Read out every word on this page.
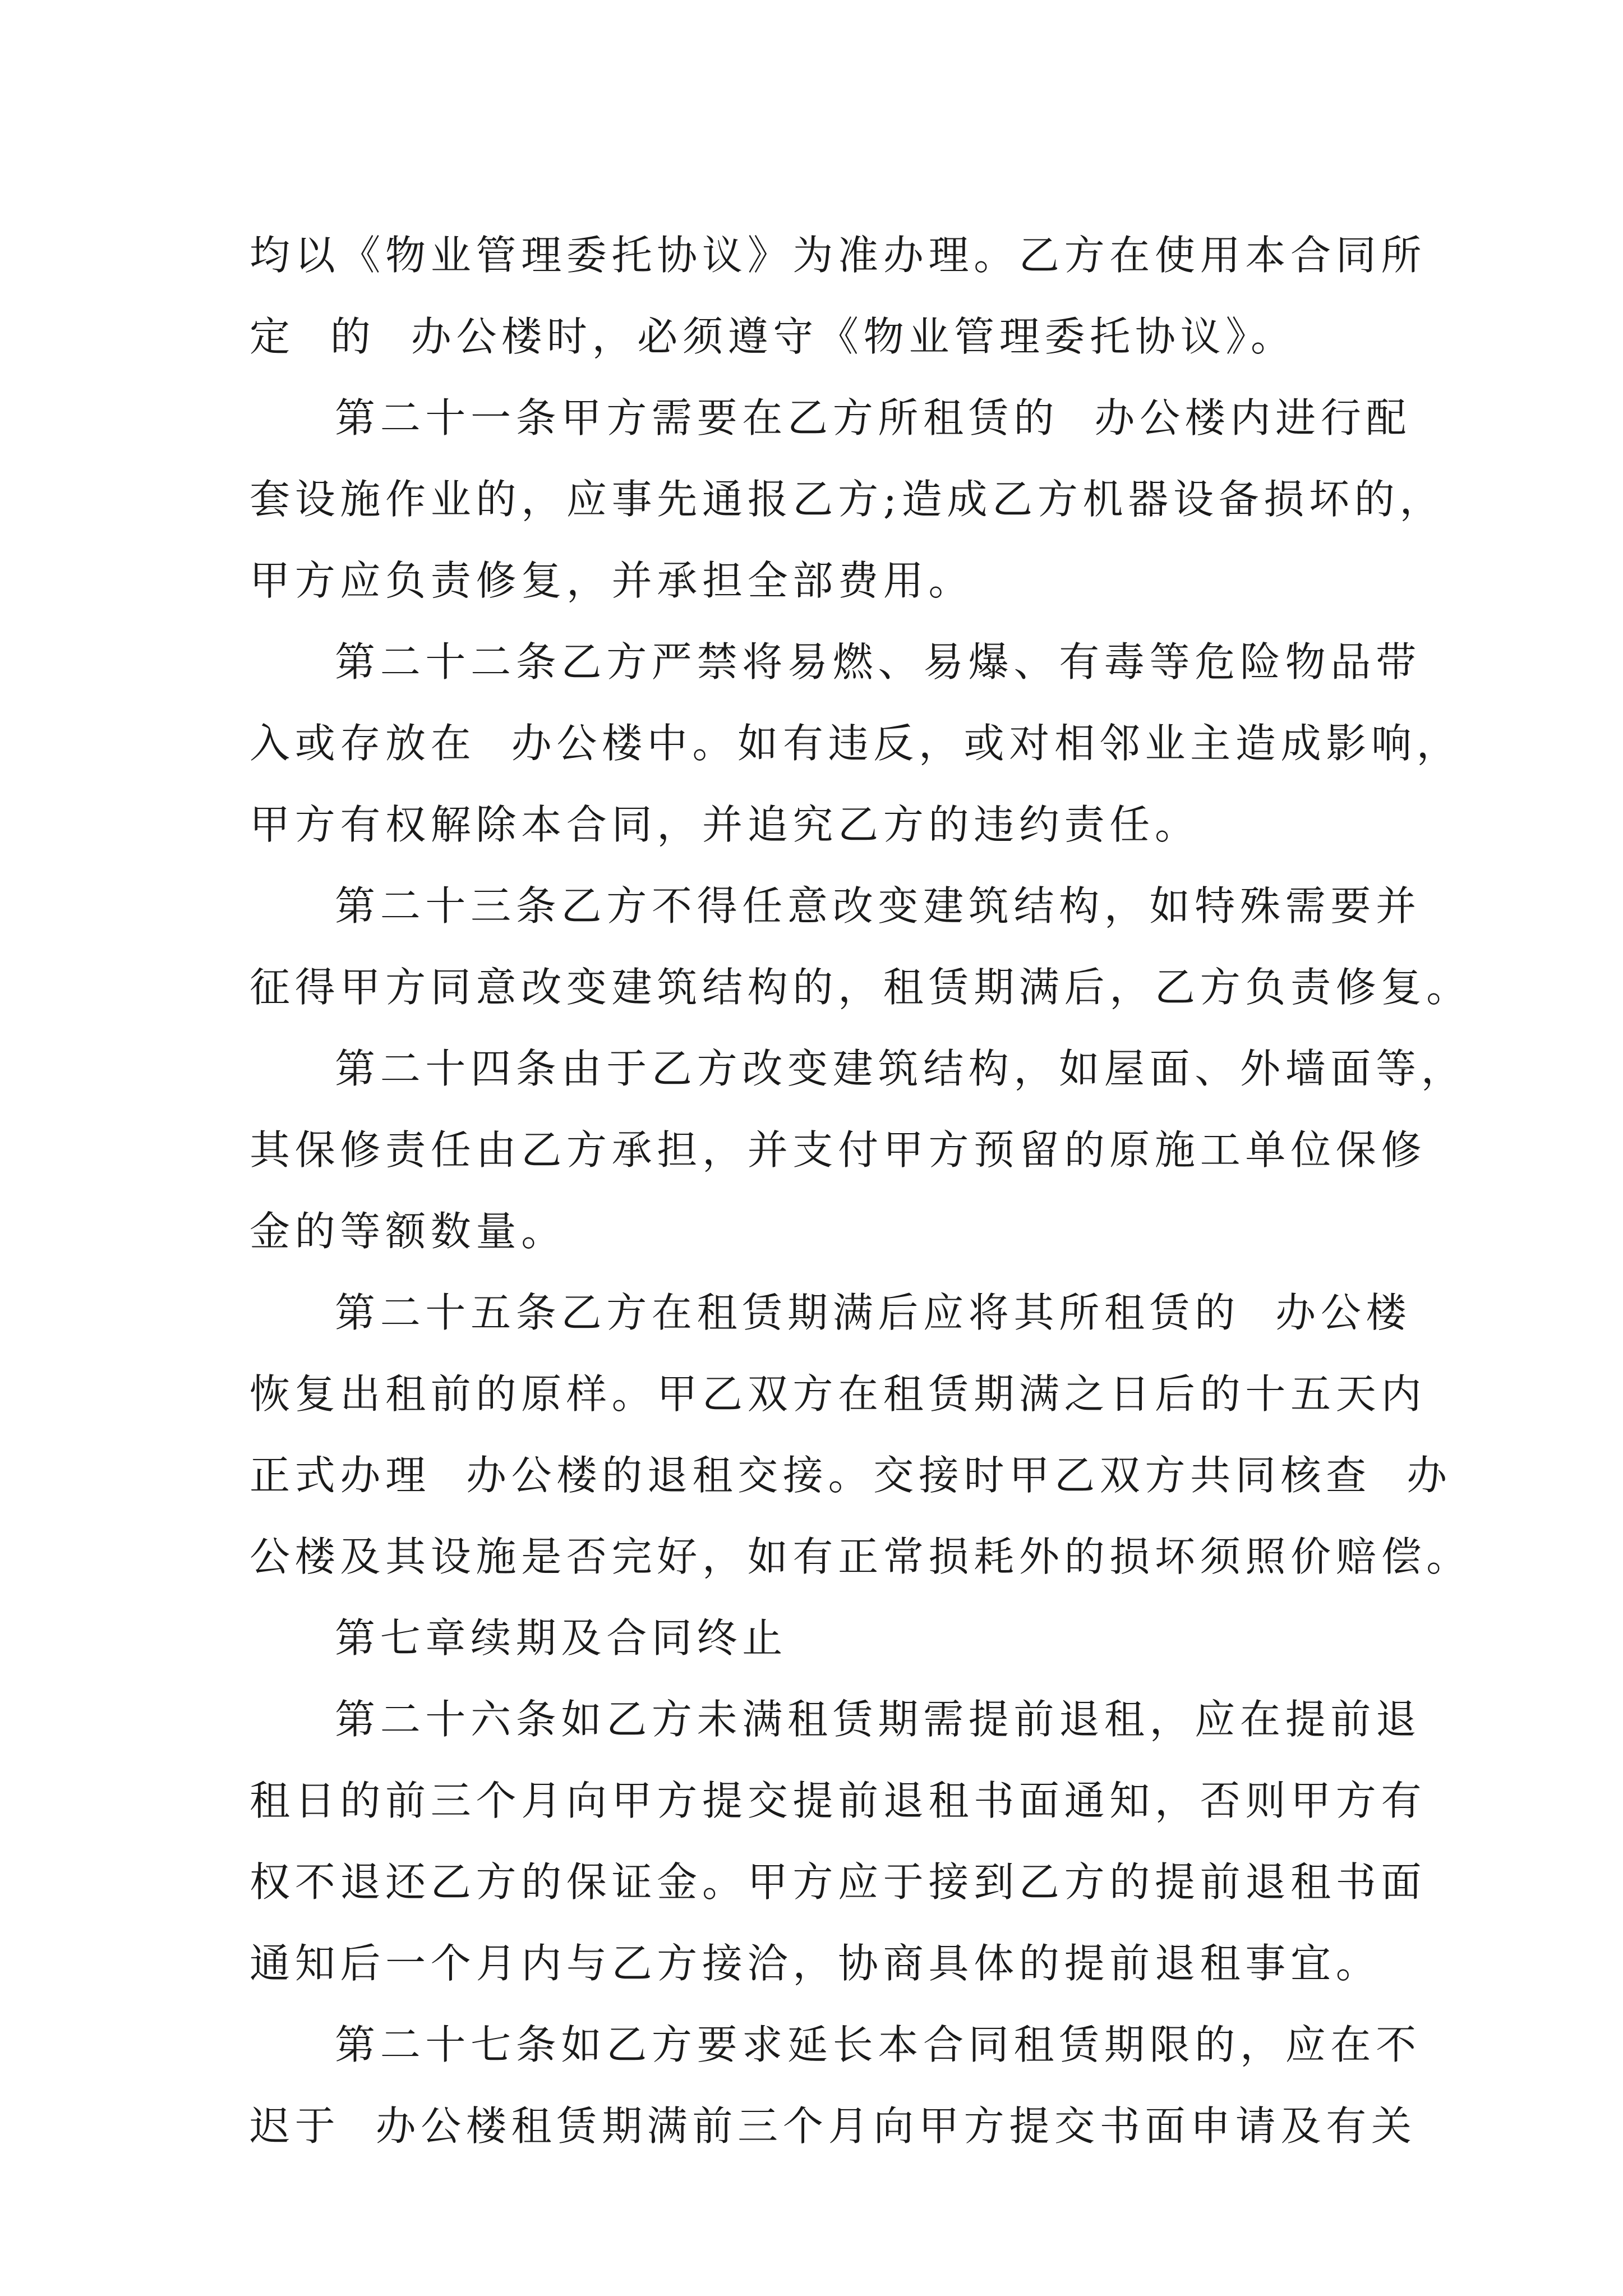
均以《物业管理委托协议》为准办理。乙方在使用本合同所
定  的  办公楼时，必须遵守《物业管理委托协议》。
第二十一条甲方需要在乙方所租赁的  办公楼内进行配
套设施作业的，应事先通报乙方;造成乙方机器设备损坏的，
甲方应负责修复，并承担全部费用。
第二十二条乙方严禁将易燃、易爆、有毒等危险物品带
入或存放在  办公楼中。如有违反，或对相邻业主造成影响，
甲方有权解除本合同，并追究乙方的违约责任。
第二十三条乙方不得任意改变建筑结构，如特殊需要并
征得甲方同意改变建筑结构的，租赁期满后，乙方负责修复。
第二十四条由于乙方改变建筑结构，如屋面、外墙面等，
其保修责任由乙方承担，并支付甲方预留的原施工单位保修
金的等额数量。
第二十五条乙方在租赁期满后应将其所租赁的  办公楼
恢复出租前的原样。甲乙双方在租赁期满之日后的十五天内
正式办理  办公楼的退租交接。交接时甲乙双方共同核查  办
公楼及其设施是否完好，如有正常损耗外的损坏须照价赔偿。
第七章续期及合同终止
第二十六条如乙方未满租赁期需提前退租，应在提前退
租日的前三个月向甲方提交提前退租书面通知，否则甲方有
权不退还乙方的保证金。甲方应于接到乙方的提前退租书面
通知后一个月内与乙方接洽，协商具体的提前退租事宜。
第二十七条如乙方要求延长本合同租赁期限的，应在不
迟于  办公楼租赁期满前三个月向甲方提交书面申请及有关
